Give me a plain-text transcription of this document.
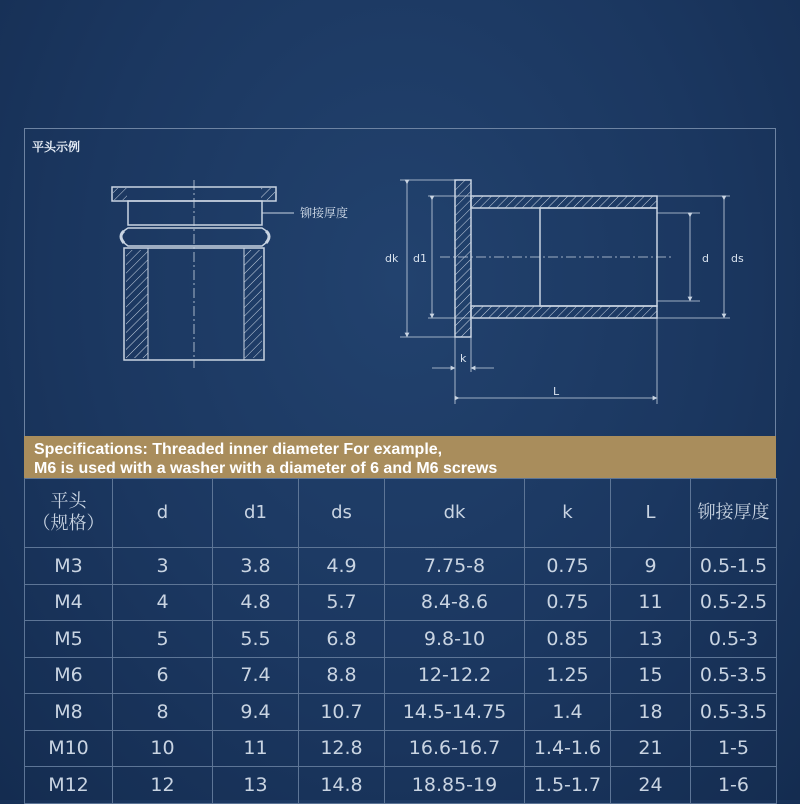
平头示例
铆接厚度
dk d1	d ds
k
L
Specifications: Threaded inner diameter For example,
M6 is used with a washer with a diameter of 6 and M6 screws
平头
（规格）	d	d1	ds	dk	k	L	铆接厚度
M3	3	3.8	4.9	7.75-8	0.75	9	0.5-1.5
M4	4	4.8	5.7	8.4-8.6	0.75	11	0.5-2.5
M5	5	5.5	6.8	9.8-10	0.85	13	0.5-3
M6	6	7.4	8.8	12-12.2	1.25	15	0.5-3.5
M8	8	9.4	10.7	14.5-14.75	1.4	18	0.5-3.5
M10	10	11	12.8	16.6-16.7	1.4-1.6	21	1-5
M12	12	13	14.8	18.85-19	1.5-1.7	24	1-6
